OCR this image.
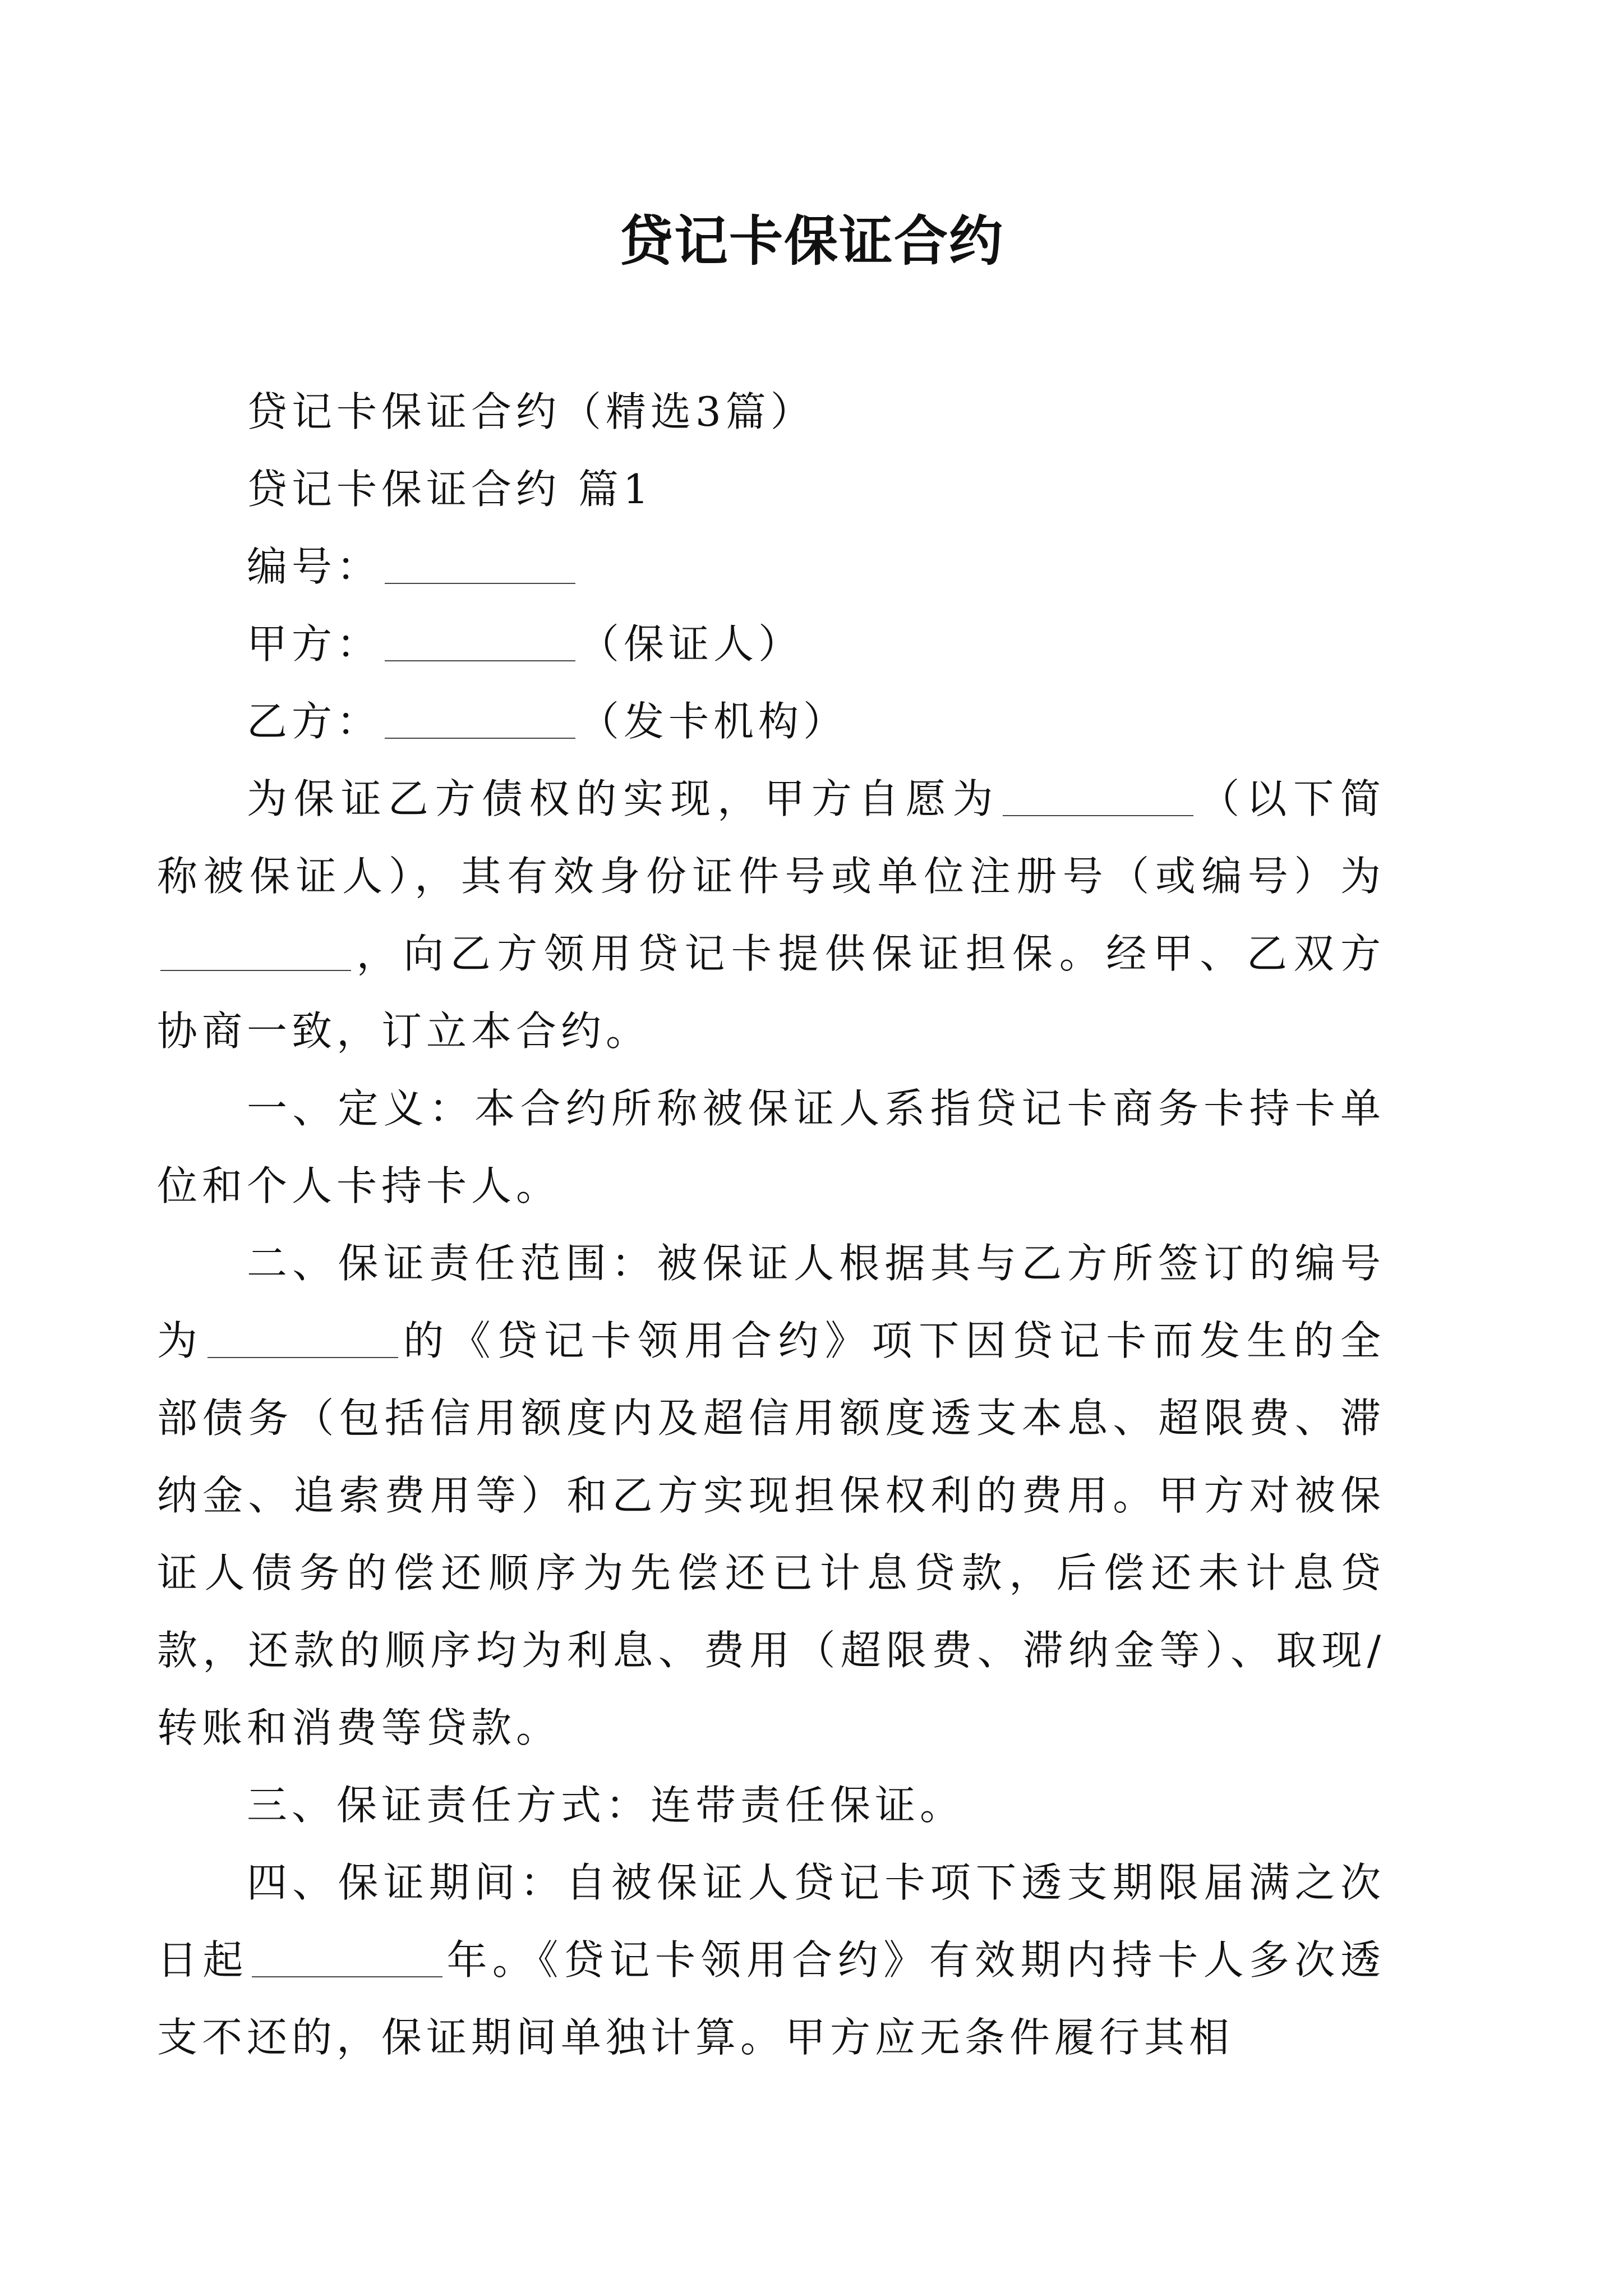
贷记卡保证合约

贷记卡保证合约（精选3篇）

贷记卡保证合约 篇1

编号：

甲方：	（保证人）

乙方：	（发卡机构）

为保证乙方债权的实现，甲方自愿为	（以下简称被保证人），其有效身份证件号或单位注册号（或编号）为，向乙方领用贷记卡提供保证担保。经甲、乙双方协商一致，订立本合约。

一、定义：本合约所称被保证人系指贷记卡商务卡持卡单位和个人卡持卡人。

二、保证责任范围：被保证人根据其与乙方所签订的编号为	的《贷记卡领用合约》项下因贷记卡而发生的全部债务（包括信用额度内及超信用额度透支本息、超限费、滞纳金、追索费用等）和乙方实现担保权利的费用。甲方对被保证人债务的偿还顺序为先偿还已计息贷款，后偿还未计息贷款，还款的顺序均为利息、费用（超限费、滞纳金等）、取现/转账和消费等贷款。

三、保证责任方式：连带责任保证。

四、保证期间：自被保证人贷记卡项下透支期限届满之次日起	年。《贷记卡领用合约》有效期内持卡人多次透支不还的，保证期间单独计算。甲方应无条件履行其相
